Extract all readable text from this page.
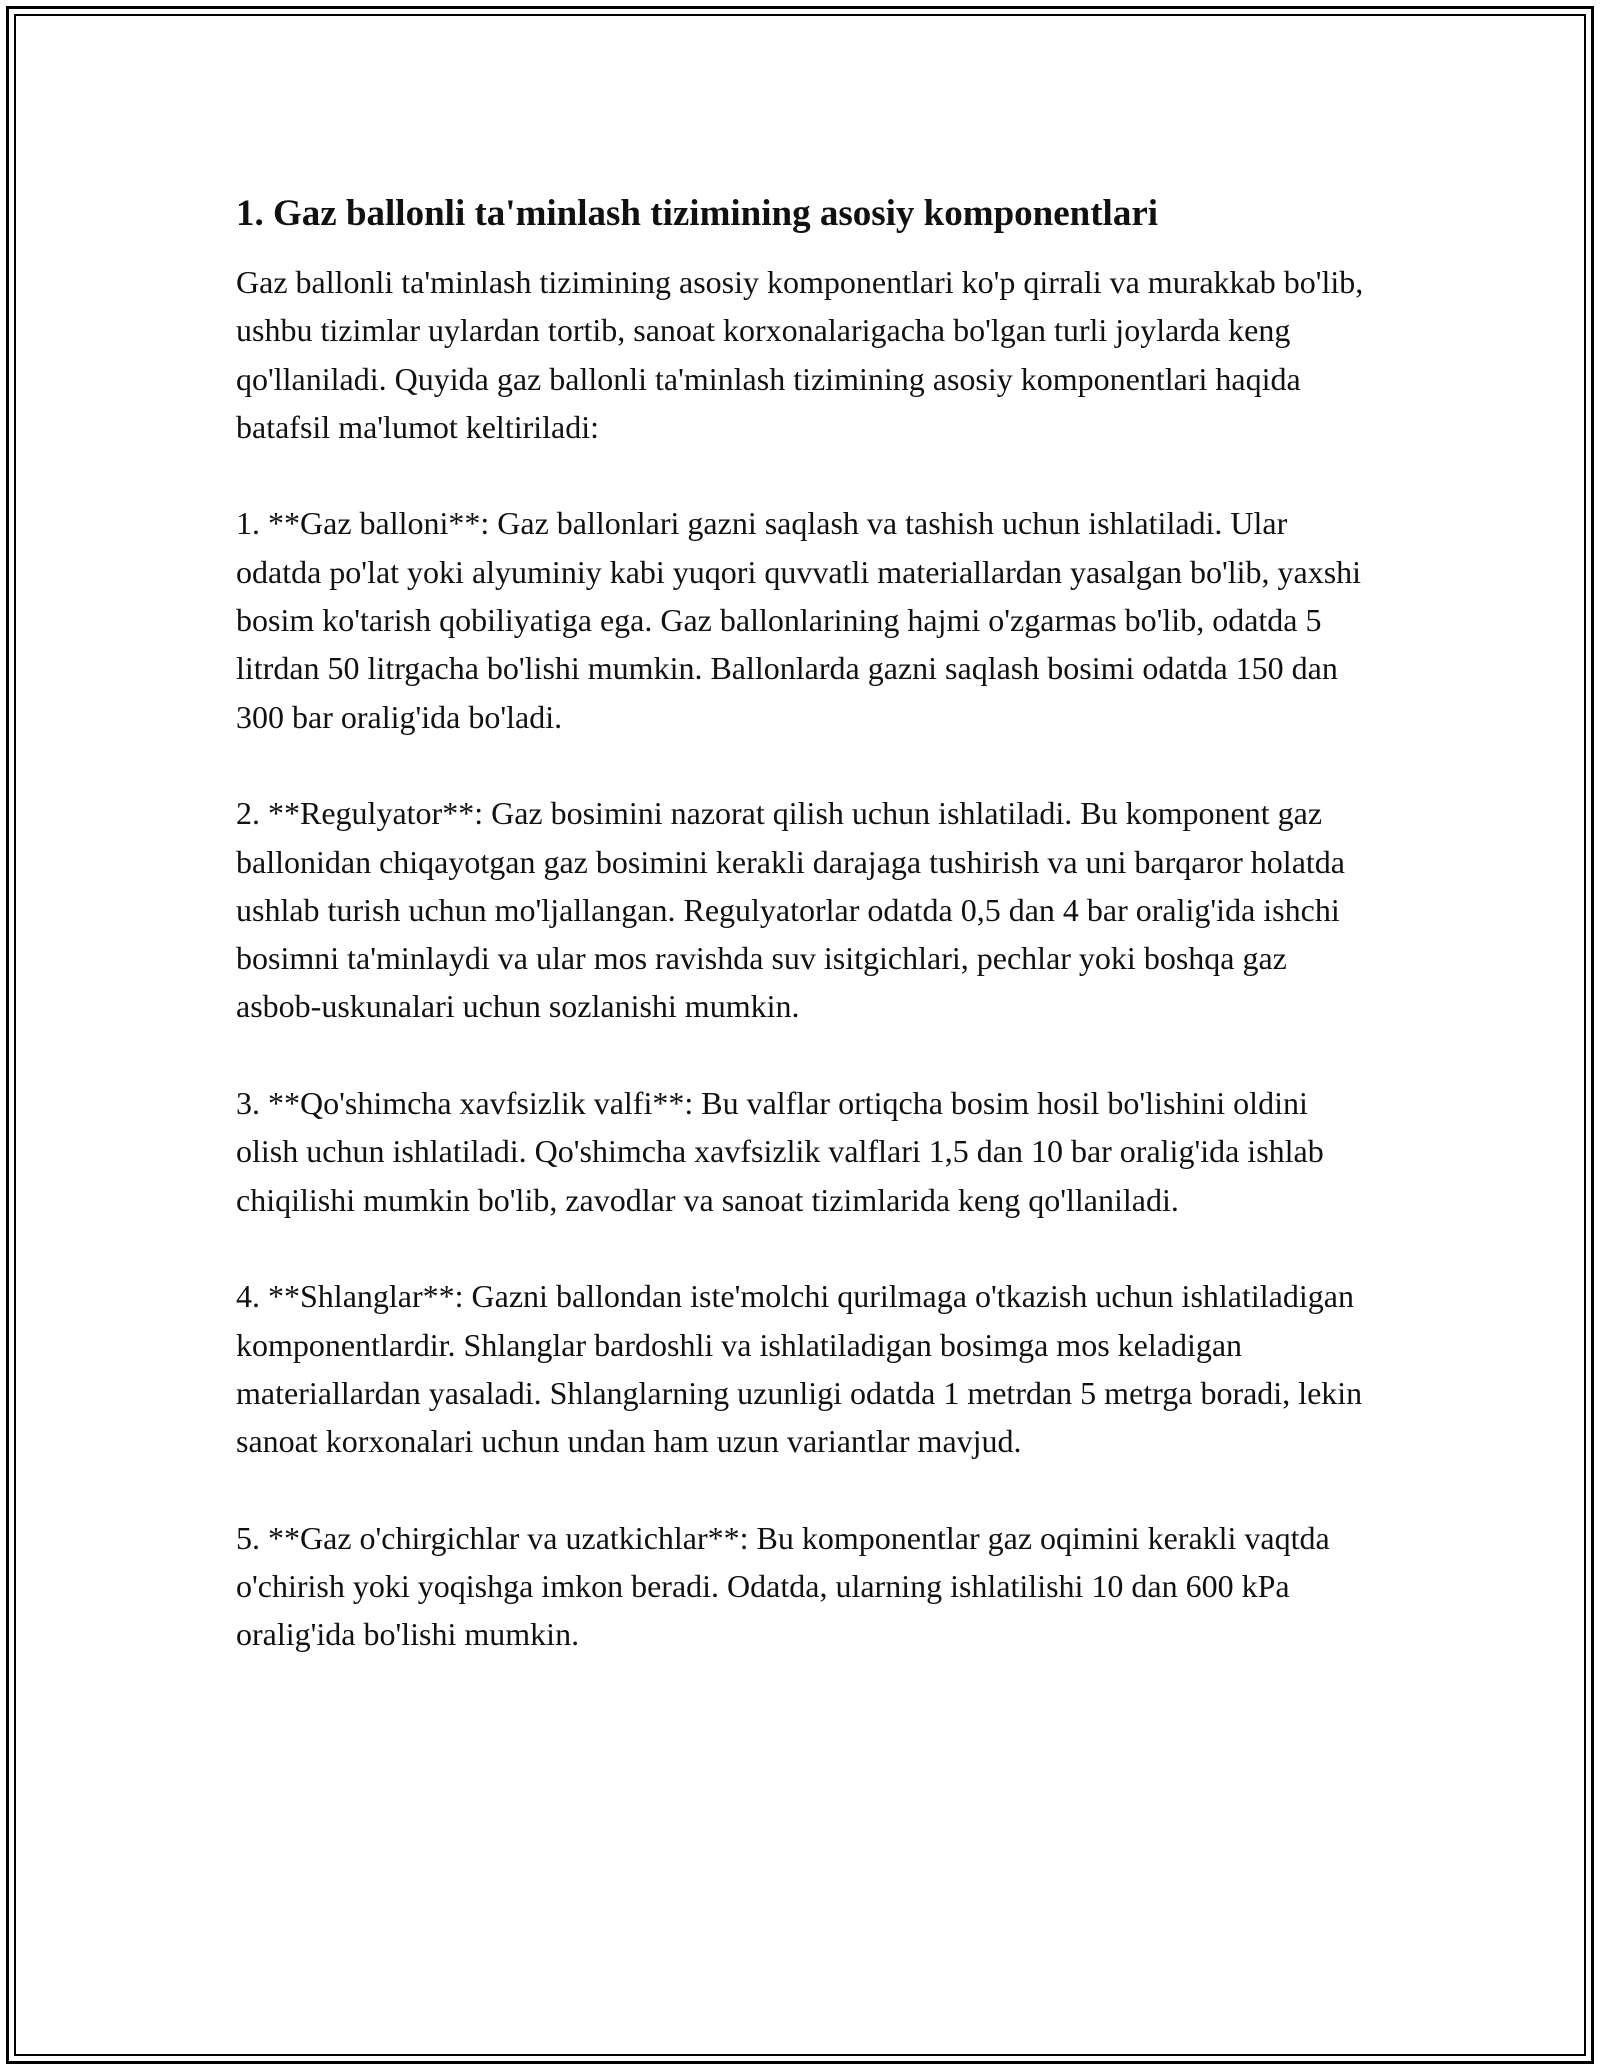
1. Gaz ballonli ta'minlash tizimining asosiy komponentlari

Gaz ballonli ta'minlash tizimining asosiy komponentlari ko'p qirrali va murakkab bo'lib, ushbu tizimlar uylardan tortib, sanoat korxonalarigacha bo'lgan turli joylarda keng qo'llaniladi. Quyida gaz ballonli ta'minlash tizimining asosiy komponentlari haqida batafsil ma'lumot keltiriladi:

1. **Gaz balloni**: Gaz ballonlari gazni saqlash va tashish uchun ishlatiladi. Ular odatda po'lat yoki alyuminiy kabi yuqori quvvatli materiallardan yasalgan bo'lib, yaxshi bosim ko'tarish qobiliyatiga ega. Gaz ballonlarining hajmi o'zgarmas bo'lib, odatda 5 litrdan 50 litrgacha bo'lishi mumkin. Ballonlarda gazni saqlash bosimi odatda 150 dan 300 bar oralig'ida bo'ladi.

2. **Regulyator**: Gaz bosimini nazorat qilish uchun ishlatiladi. Bu komponent gaz ballonidan chiqayotgan gaz bosimini kerakli darajaga tushirish va uni barqaror holatda ushlab turish uchun mo'ljallangan. Regulyatorlar odatda 0,5 dan 4 bar oralig'ida ishchi bosimni ta'minlaydi va ular mos ravishda suv isitgichlari, pechlar yoki boshqa gaz asbob-uskunalari uchun sozlanishi mumkin.

3. **Qo'shimcha xavfsizlik valfi**: Bu valflar ortiqcha bosim hosil bo'lishini oldini olish uchun ishlatiladi. Qo'shimcha xavfsizlik valflari 1,5 dan 10 bar oralig'ida ishlab chiqilishi mumkin bo'lib, zavodlar va sanoat tizimlarida keng qo'llaniladi.

4. **Shlanglar**: Gazni ballondan iste'molchi qurilmaga o'tkazish uchun ishlatiladigan komponentlardir. Shlanglar bardoshli va ishlatiladigan bosimga mos keladigan materiallardan yasaladi. Shlanglarning uzunligi odatda 1 metrdan 5 metrga boradi, lekin sanoat korxonalari uchun undan ham uzun variantlar mavjud.

5. **Gaz o'chirgichlar va uzatkichlar**: Bu komponentlar gaz oqimini kerakli vaqtda o'chirish yoki yoqishga imkon beradi. Odatda, ularning ishlatilishi 10 dan 600 kPa oralig'ida bo'lishi mumkin.
